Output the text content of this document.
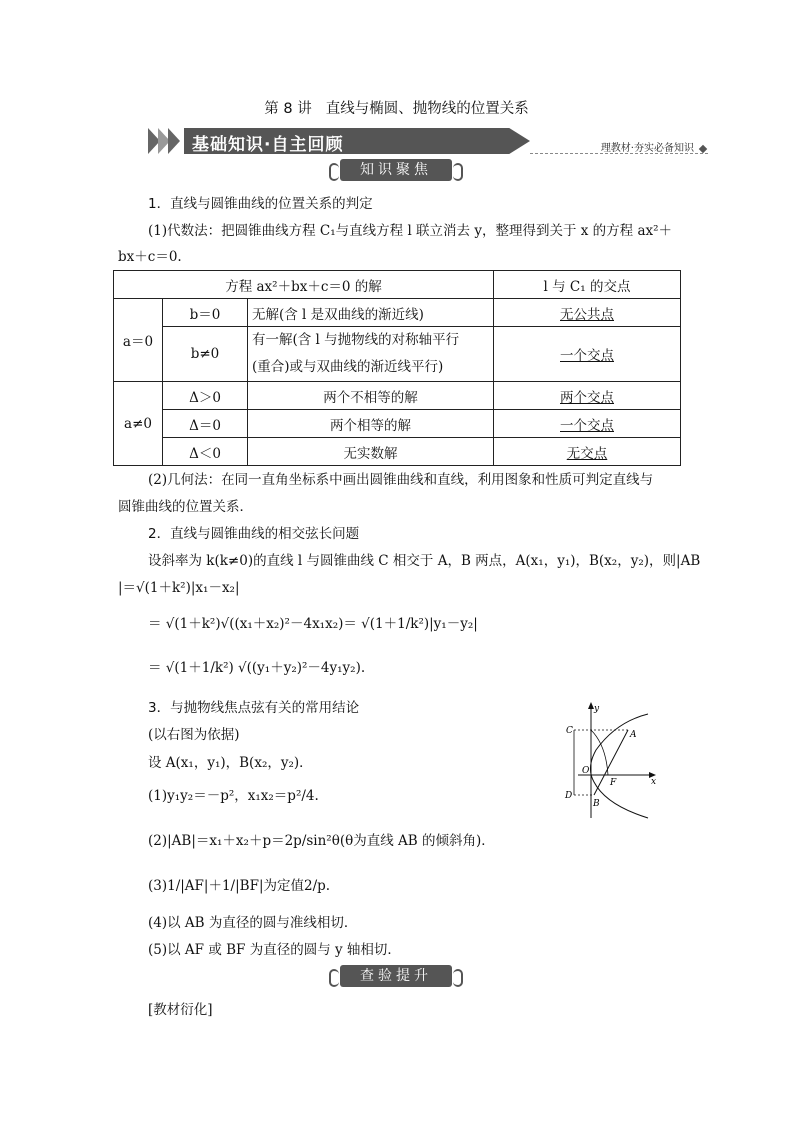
第 8 讲 直线与椭圆、抛物线的位置关系
基础知识·自主回顾	理教材·夯实必备知识
知识聚焦
1．直线与圆锥曲线的位置关系的判定
(1)代数法：把圆锥曲线方程 C₁与直线方程 l 联立消去 y，整理得到关于 x 的方程 ax²＋
bx＋c＝0.
方程 ax²＋bx＋c＝0 的解			l 与 C₁ 的交点
a＝0	b＝0	无解(含 l 是双曲线的渐近线)	无公共点
	b≠0	有一解(含 l 与抛物线的对称轴平行
(重合)或与双曲线的渐近线平行)	一个交点
a≠0	Δ＞0	两个不相等的解	两个交点
	Δ＝0	两个相等的解	一个交点
	Δ＜0	无实数解	无交点
(2)几何法：在同一直角坐标系中画出圆锥曲线和直线，利用图象和性质可判定直线与
圆锥曲线的位置关系．
2．直线与圆锥曲线的相交弦长问题
设斜率为 k(k≠0)的直线 l 与圆锥曲线 C 相交于 A，B 两点，A(x₁，y₁)，B(x₂，y₂)，则|AB
|＝√(1＋k²)|x₁－x₂|
＝ √(1＋k²)√((x₁＋x₂)²－4x₁x₂)＝ √(1＋1/k²)|y₁－y₂|
＝ √(1＋1/k²) √((y₁＋y₂)²－4y₁y₂).
3．与抛物线焦点弦有关的常用结论
(以右图为依据)
设 A(x₁，y₁)，B(x₂，y₂)．
(1)y₁y₂＝－p²，x₁x₂＝p²/4.
(2)|AB|＝x₁＋x₂＋p＝2p/sin²θ(θ为直线 AB 的倾斜角)．
(3)1/|AF|＋1/|BF|为定值2/p.
(4)以 AB 为直径的圆与准线相切．
(5)以 AF 或 BF 为直径的圆与 y 轴相切．
y
C	A
O
F	x
D
B
查验提升
[教材衍化]
